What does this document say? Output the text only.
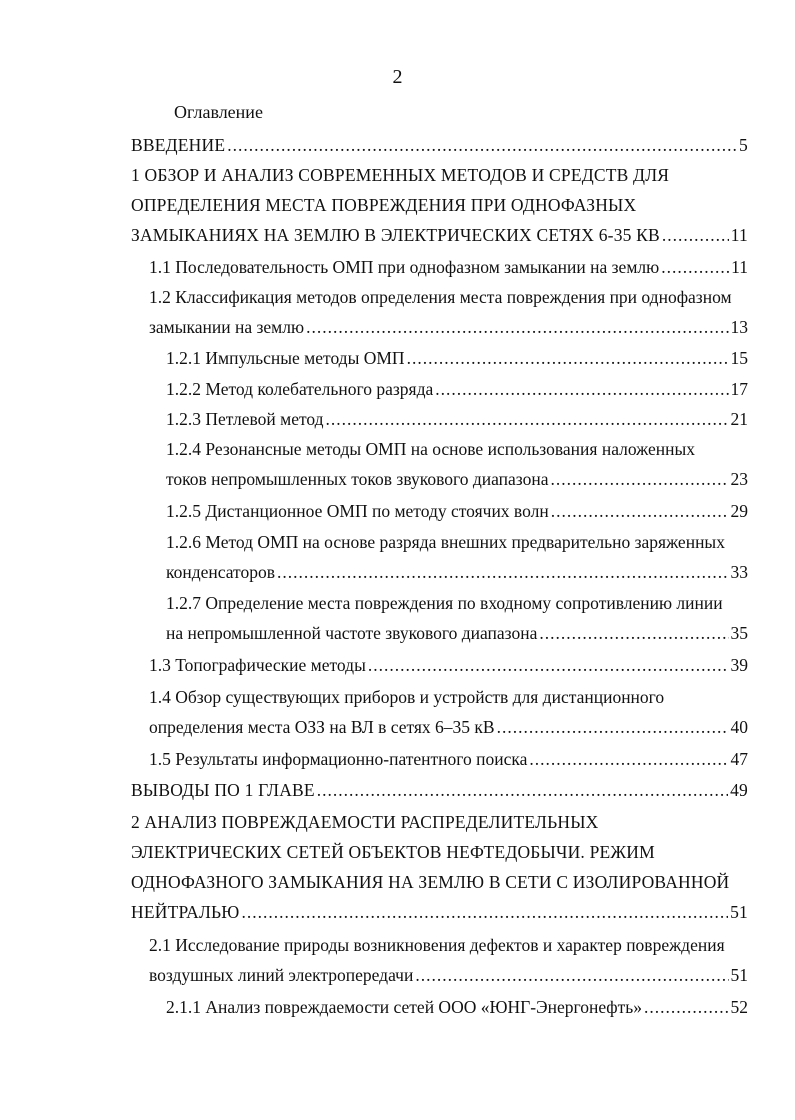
2
Оглавление
ВВЕДЕНИЕ .....	5
1 ОБЗОР И АНАЛИЗ СОВРЕМЕННЫХ МЕТОДОВ И СРЕДСТВ ДЛЯ
ОПРЕДЕЛЕНИЯ МЕСТА ПОВРЕЖДЕНИЯ ПРИ ОДНОФАЗНЫХ
ЗАМЫКАНИЯХ НА ЗЕМЛЮ В ЭЛЕКТРИЧЕСКИХ СЕТЯХ 6-35 КВ .....	11
1.1 Последовательность ОМП при однофазном замыкании на землю .....	11
1.2 Классификация методов определения места повреждения при однофазном
замыкании на землю .....	13
1.2.1 Импульсные методы ОМП .....	15
1.2.2 Метод колебательного разряда .....	17
1.2.3 Петлевой метод .....	21
1.2.4 Резонансные методы ОМП на основе использования наложенных
токов непромышленных токов звукового диапазона .....	23
1.2.5 Дистанционное ОМП по методу стоячих волн .....	29
1.2.6 Метод ОМП на основе разряда внешних предварительно заряженных
конденсаторов .....	33
1.2.7 Определение места повреждения по входному сопротивлению линии
на непромышленной частоте звукового диапазона .....	35
1.3 Топографические методы .....	39
1.4 Обзор существующих приборов и устройств для дистанционного
определения места ОЗЗ на ВЛ в сетях 6–35 кВ .....	40
1.5 Результаты информационно-патентного поиска .....	47
ВЫВОДЫ ПО 1 ГЛАВЕ .....	49
2 АНАЛИЗ ПОВРЕЖДАЕМОСТИ РАСПРЕДЕЛИТЕЛЬНЫХ
ЭЛЕКТРИЧЕСКИХ СЕТЕЙ ОБЪЕКТОВ НЕФТЕДОБЫЧИ. РЕЖИМ
ОДНОФАЗНОГО ЗАМЫКАНИЯ НА ЗЕМЛЮ В СЕТИ С ИЗОЛИРОВАННОЙ
НЕЙТРАЛЬЮ .....	51
2.1 Исследование природы возникновения дефектов и характер повреждения
воздушных линий электропередачи .....	51
2.1.1 Анализ повреждаемости сетей ООО «ЮНГ-Энергонефть» .....	52
